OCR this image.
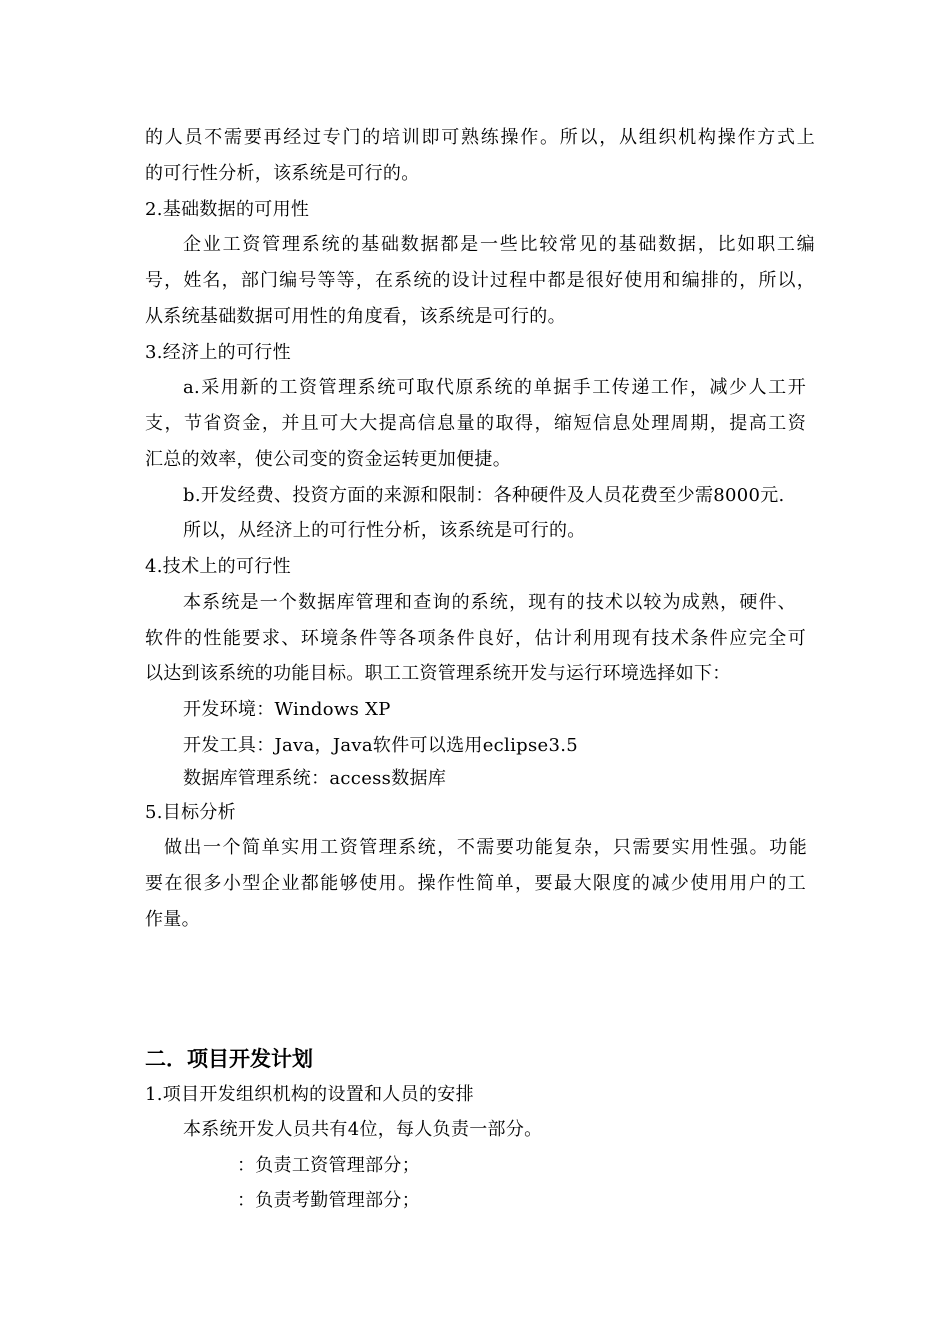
的人员不需要再经过专门的培训即可熟练操作。所以，从组织机构操作方式上
的可行性分析，该系统是可行的。
2.基础数据的可用性
企业工资管理系统的基础数据都是一些比较常见的基础数据，比如职工编
号，姓名，部门编号等等，在系统的设计过程中都是很好使用和编排的，所以，
从系统基础数据可用性的角度看，该系统是可行的。
3.经济上的可行性
a.采用新的工资管理系统可取代原系统的单据手工传递工作，减少人工开
支，节省资金，并且可大大提高信息量的取得，缩短信息处理周期，提高工资
汇总的效率，使公司变的资金运转更加便捷。
b.开发经费、投资方面的来源和限制：各种硬件及人员花费至少需8000元.
所以，从经济上的可行性分析，该系统是可行的。
4.技术上的可行性
本系统是一个数据库管理和查询的系统，现有的技术以较为成熟，硬件、
软件的性能要求、环境条件等各项条件良好，估计利用现有技术条件应完全可
以达到该系统的功能目标。职工工资管理系统开发与运行环境选择如下：
开发环境：Windows XP
开发工具：Java，Java软件可以选用eclipse3.5
数据库管理系统：access数据库
5.目标分析
做出一个简单实用工资管理系统，不需要功能复杂，只需要实用性强。功能
要在很多小型企业都能够使用。操作性简单，要最大限度的减少使用用户的工
作量。
二．项目开发计划
1.项目开发组织机构的设置和人员的安排
本系统开发人员共有4位，每人负责一部分。
：负责工资管理部分；
：负责考勤管理部分；
